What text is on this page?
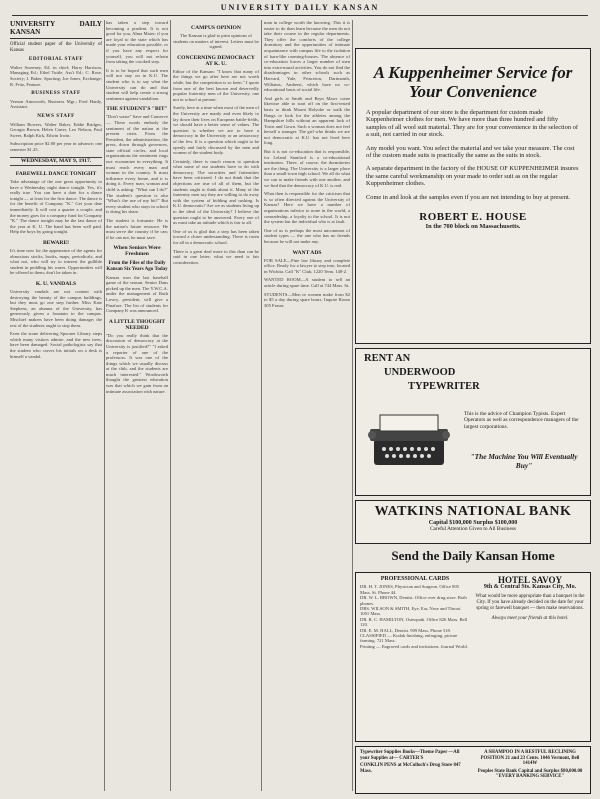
UNIVERSITY DAILY KANSAN
UNIVERSITY DAILY KANSAN
Official student paper of the University of Kansas
EDITORIAL STAFF

Walter Sweeney, Ed. in chief; Harry Harrison, Managing Ed.; Ethel Tuttle, Ass't Ed.; C. Rose, Society; J. Baker, Sporting; Joe Jones, Exchange; R. Fritz, Feature.

BUSINESS STAFF

Vernon Ainsworth, Business Mgr.; Fred Hardy, Assistant.

NEWS STAFF

William Bowers, Walter Baker, Eddie Bridges, Georgia Brown, Helen Carter, Leo Nelson, Paul Sweet, Ralph Kirk, Edwin Irwin.

Subscription price $2.00 per year in advance; one semester $1.25.

WEDNESDAY, MAY 9, 1917.
FAREWELL DANCE TONIGHT

Take advantage of the one great opportunity to have a Wednesday night dance tonight. Yes, it's really true. You can have a date for a dance tonight — at least for the first dance. The dance is for the benefit of Company "K." Get your date immediately. It will cost a quarter a couple, and the money goes for a company fund for Company "K." The dance tonight may be the last dance of the year at K. U. The band has been well paid. Help the boys by going tonight.

BEWARE!

It's time now for the appearance of the agents for obnoxious stocks, books, maps, periodicals, and what not, who will try to interest the gullible student in peddling his wares. Opportunities will be offered to them; don't be taken in.

K. U. VANDALS

University vandals are not content with destroying the beauty of the campus buildings, but they must go one step further. Miss Kate Stephens, an alumna of the University, has generously given a fountain to the campus. Mischief makers have been doing damage; the rest of the students ought to stop them.

Even the stone delivering Spooner Library steps which many visitors admire, and the new trees, have been damaged. Social pathologists say that the student who carves his initials on a desk is himself a vandal.

has taken a step toward becoming a prudent. It is not good for you, Alma Mater; if you are loyal to the state which has made your education possible, or if you have any respect for yourself, you will not refrain from taking the crooked step.

It is to be hoped that such men will not stay on in K.U. The student who is to say what the University can do and that student will help create a strong sentiment against vandalism.

THE STUDENT'S "BIT"

"Don't waste" Save and Conserve — These words embody the sentiment of the nation at the present crisis. From the President, the administration, the press, down through governors, state official circles, and local organizations the sentiment rings out: economize in everything. It must reach every man and woman in the country. It must influence every home, and it is doing it. Every man, woman and child is asking: "What can I do?" The student's question is also "What's the use of my bit?" But every student who stays in school is doing his share.

The student is fortunate. He is the nation's future resource. He must serve the country if he can; if he can not, he must save.

When Seniors Were Freshmen
From the Files of the Daily Kansan Six Years Ago Today

Kansas won the last baseball game of the season. Senior Dans picked up the men. The Y.W.C.A. under the management of Ruth Lowry, president, will give a Pinafore. The list of students for Company K was announced.

A LITTLE THOUGHT NEEDED

"Do you really think that the discussion of democracy at the University is justified?" "I asked a reporter of one of the professors. It was one of the things which we usually discuss at the club, and the students are much interested." Wordsworth thought the greatest education was that which we gain from an intimate association with nature.

CAMPUS OPINION

The Kansan is glad to print opinions of students on matters of interest. Letters must be signed.

CONCERNING DEMOCRACY AT K. U.

Editor of the Kansan: "I know that many of the things we go after here are not worth while, but the competition is so keen." I quote from one of the best known and deservedly popular fraternity men of the University, one not in school at present.

Surely, here at a time when most of the men of the University are manly and even likely to lay down their lives on European battle-fields, we should have a better sense of values. The question is whether we are to have a democracy in the University or an aristocracy of the few. It is a question which ought to be openly and fairly discussed by the men and women of the student body.

Certainly, there is much reason to question what some of our students have to do with democracy. The sororities and fraternities have been criticized. I do not think that the objections are true of all of them, but the students ought to think about it. Many of the fraternity men say they are willing to do away with the system of bidding and rushing. Is K.U. democratic? Are we as students living up to the ideal of the University? I believe the question ought to be answered. Every one of us must take an attitude which is fair to all.

One of us is glad that a step has been taken toward a closer understanding. There is room for all in a democratic school.

There is a great deal more to this than can be said in one letter; what we need is fair consideration.

man in college worth the knowing. This it is easier to do than learn because the men do not take their course in the regular departments. They offer the comforts of the college dormitory and the opportunities of intimate acquaintance with campus life to the isolation of barn-like rooming-houses. The absence of co-education forces a larger number of men into extra-mural activities. You do not find the disadvantages in other schools such as Harvard, Yale, Princeton, Dartmouth, Williams, Amherst, which have no co-educational basis of social life.

And girls at Smith and Bryn Mawr come likewise able to start off on the first-tested basis to think Mount Holyoke or walk the Bangs or look for the athletes among the Hampshire hills without an apparent lack of Town and Gown. Such a woman does not feel herself a stranger. The girl who thinks we are not democratic at K.U. has not lived here long.

But it is not co-education that is responsible, for Leland Stanford is a co-educational institution. There, of course, the dormitories are the thing. The University is a larger place than a small-town high school. We all do what we can to make friends with one another, and we find that the democracy of K.U. is real.

What then is responsible for the criticism that is so often directed against the University of Kansas? Here we have a number of organizations inferior to none in the world, a comradeship, a loyalty to the school. It is not the system but the individual who is at fault.

One of us is perhaps the most uncommon of student types — the one who has no friends because he will not make any.

WANT ADS

FOR SALE—Fine law library and complete office. Ready for a lawyer to step into; located in Wichita. Call "K" Club, 1220 Tenn. 148-2.

WANTED ROOM—A student to sell an article during spare time. Call at 744 Mass. St.

STUDENTS—Men or women make from $2 to $5 a day during spare hours. Inquire Room 305 Fraser.

A Kuppenheimer Service for Your Convenience

A popular department of our store is the department for custom made Kuppenheimer clothes for men. We have more than three hundred and fifty samples of all wool suit material. They are for your convenience in the selection of a suit, not carried in our stock.

Any model you want. You select the material and we take your measure. The cost of the custom made suits is practically the same as the suits in stock.

A separate department in the factory of the HOUSE OF KUPPENHEIMER insures the same careful workmanship on your made to order suit as on the regular Kuppenheimer clothes.

Come in and look at the samples even if you are not intending to buy at present.

ROBERT E. HOUSE
In the 700 block on Massachusetts.
RENT AN
UNDERWOOD
TYPEWRITER
This is the advice of Champion Typists. Expert Operators as well as correspondence managers of the largest corporations.
"The Machine You Will Eventually Buy"
WATKINS NATIONAL BANK
Capital $100,000 Surplus $100,000
Careful Attention Given to All Business
Send the Daily Kansan Home
PROFESSIONAL CARDS
DR. H. T. JONES, Physician and Surgeon. Office 805 Mass. St. Phone 44.
DR. W. L. BROWN, Dentist. Office over drug store. Both phones.
DRS. WILSON & SMITH, Eye, Ear, Nose and Throat. 1001 Mass.
DR. R. C. HAMILTON, Osteopath. Office 826 Mass. Bell 120.
DR. E. M. HALL, Dentist. 909 Mass. Phone 518.
CLASSIFIED — Kodak finishing, enlarging, picture framing. 721 Mass.
Printing — Engraved cards and invitations. Journal World.
HOTEL SAVOY
9th & Central Sts. Kansas City, Mo.
What would be more appropriate than a banquet in the City. If you have already decided on the date for your spring or farewell banquet — then make reservations.
Always meet your friends at this hotel.
Typewriter Supplies Books—Theme Paper —All your Supplies at— CARTER'S
CONKLIN PENS at McColloch's Drug Store 847 Mass.
A SHAMPOO IN A RESTFUL RECLINING POSITION 21 and 23 Cents. 1046 Vermont, Bell 1414W
Peoples State Bank Capital and Surplus $80,000.00 "EVERY BANKING SERVICE"
